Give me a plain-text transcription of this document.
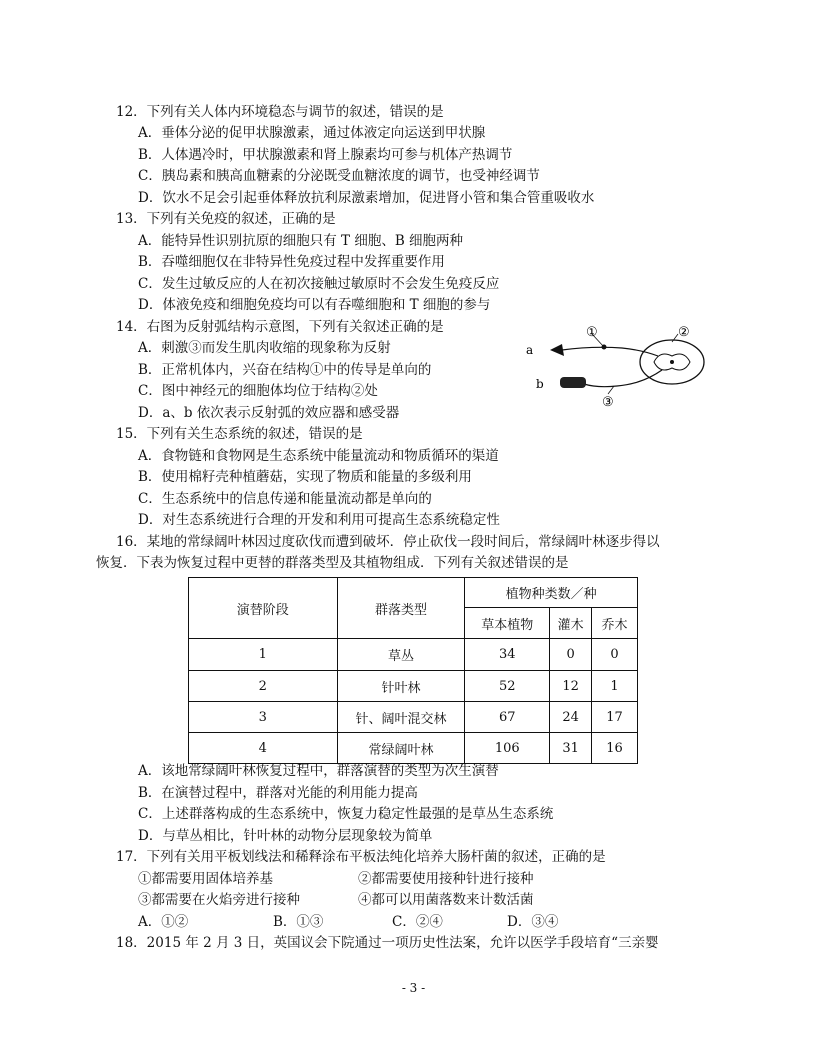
12．下列有关人体内环境稳态与调节的叙述，错误的是
A．垂体分泌的促甲状腺激素，通过体液定向运送到甲状腺
B．人体遇冷时，甲状腺激素和肾上腺素均可参与机体产热调节
C．胰岛素和胰高血糖素的分泌既受血糖浓度的调节，也受神经调节
D．饮水不足会引起垂体释放抗利尿激素增加，促进肾小管和集合管重吸收水
13．下列有关免疫的叙述，正确的是
A．能特异性识别抗原的细胞只有 T 细胞、B 细胞两种
B．吞噬细胞仅在非特异性免疫过程中发挥重要作用
C．发生过敏反应的人在初次接触过敏原时不会发生免疫反应
D．体液免疫和细胞免疫均可以有吞噬细胞和 T 细胞的参与
14．右图为反射弧结构示意图，下列有关叙述正确的是
A．刺激③而发生肌肉收缩的现象称为反射
B．正常机体内，兴奋在结构①中的传导是单向的
C．图中神经元的细胞体均位于结构②处
D．a、b 依次表示反射弧的效应器和感受器
①	②
③
a
b
15．下列有关生态系统的叙述，错误的是
A．食物链和食物网是生态系统中能量流动和物质循环的渠道
B．使用棉籽壳种植蘑菇，实现了物质和能量的多级利用
C．生态系统中的信息传递和能量流动都是单向的
D．对生态系统进行合理的开发和利用可提高生态系统稳定性
16．某地的常绿阔叶林因过度砍伐而遭到破坏．停止砍伐一段时间后，常绿阔叶林逐步得以
恢复．下表为恢复过程中更替的群落类型及其植物组成．下列有关叙述错误的是
演替阶段	群落类型	植物种类数／种		
		草本植物	灌木	乔木
1	草丛	34	0	0
2	针叶林	52	12	1
3	针、阔叶混交林	67	24	17
4	常绿阔叶林	106	31	16
A．该地常绿阔叶林恢复过程中，群落演替的类型为次生演替
B．在演替过程中，群落对光能的利用能力提高
C．上述群落构成的生态系统中，恢复力稳定性最强的是草丛生态系统
D．与草丛相比，针叶林的动物分层现象较为简单
17．下列有关用平板划线法和稀释涂布平板法纯化培养大肠杆菌的叙述，正确的是
①都需要用固体培养基	②都需要使用接种针进行接种
③都需要在火焰旁进行接种	④都可以用菌落数来计数活菌
A．①②	B．①③	C．②④	D．③④
18．2015 年 2 月 3 日，英国议会下院通过一项历史性法案，允许以医学手段培育“三亲婴
- 3 -
